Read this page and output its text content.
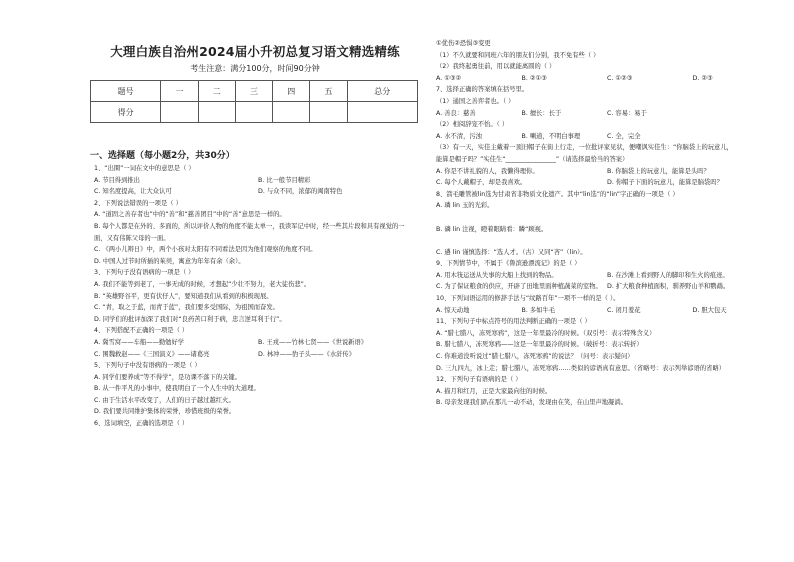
大理白族自治州2024届小升初总复习语文精选精练
考生注意：满分100分，时间90分钟
题号	一	二	三	四	五	总分
得分						
一、选择题（每小题2分，共30分）
1、“出圈”一词在文中的意思是（ ）
A. 节目得到推出	B. 比一般节目精彩
C. 知名度提高，让大众认可	D. 与众不同，浓郁的闽南特色
2、下列说法错误的一项是（ ）
A. “道固之善存者也”中的“善”和“慈善团目”中的“善”意思是一样的。
B. 每个人都是在外的、多面的，所以评价人物的角度不能太单一，我读军记中时，经一些其片段和具有视觉的一
面，又有伟陈父母的一面。
C. 《两小儿辩日》中，两个小孩对太阳有不同看法是因为他们观察的角度不同。
D. 中国人过节时所插的茱萸，寓意为年年有余（余）。
3、下列句子没有语病的一项是（ ）
A. 我们不能等到老了，一事无成的时候，才想起“少壮不努力，老大徒伤悲”。
B. “英雄野谷平，更有伏仔人”，要知道我们从看到的积极现展。
C. “青，取之于蓝，而青于蓝”，我们要多受国际，为祖国而奋发。
D. 同学们的批评加深了我们对“良药苦口利于病，忠言逆耳利于行”。
4、下列搭配不正确的一项是（ ）
A. 冀雪窝——车船——勤勉好学	B. 王戎——竹林七贤——《世说新语》
C. 围魏救赵——《三国演义》——诸葛亮	D. 林冲——豹子头——《水浒传》
5、下列句子中没有语病的一项是（ ）
A. 同学们要养成“等不得学”，是功课不落下的关键。
B. 从一件平凡的小事中，使我明白了一个人生中的大道理。
C. 由于生活水平改变了，人们的日子越过越红火。
D. 我们要共同维护集体的荣誉，珍惜班级的荣誉。
6、选词填空，正确的选项是（ ）
①优伤②恐惧③变更
（1）不久就要和同班六年的朋友们分别，我不免有些（ ）
（2）我终起勇往前，用以就能离圆的（ ）
A. ①③②	B. ②①③	C. ①②③	D. ②③
7、选择正确的答案填在括号里。
（1）通国之善弈者也。（ ）
A. 善良：慈善	B. 擅长：长于	C. 容易：易于
（2）相阅辞宠不怡。（ ）
A. 水不清，污浊	B. 喇道，不明白事理	C. 全，完全
（3）有一天，实佳主戴着一顶旧帽子在街上行走，一位批评家见状，便嘲讽实佳生：“你脑袋上的玩意儿，
能算是帽子吗？”实佳生“________________”（请选择最恰当的答案）
A. 你是不讲礼貌的人，我懒得理你。	B. 你脑袋上的玩意儿，能算是头吗？
C. 每个人戴帽子，却是我喜欢。	D. 你帽子下面的玩意儿，能算是脑袋吗？
8、箭毛雕管被lin选为甘肃省非物质文化遗产。其中“lin选”的“lin”字正确的一项是（ ）
A. 璘 lin 玉的光彩。
B. 磷 lin 注视，瞪着眼睛看：瞵“顾视。
C. 遴 lin 谨慎选择：“选人才。（古）又同“吝”（lin）。
9、下列情节中，不属于《鲁滨逊漂流记》的是（ ）
A. 用木筏运送从失事的大船上找到的物品。	B. 在沙滩上看到野人的脚印和生火的痕迹。
C. 为了保证粮食的供应，开辟了田地里面种植蔬菜的室物。 D. 扩大粮食种植面积，驯养野山羊和鹦鹉。
10、下列词语运用的修辞手法与“纹路百年”一项不一样的是（ ）。
A. 惊天动地	B. 多如牛毛	C. 闭月羞花	D. 胆大包天
11、下列句子中标点符号的用法判断正确的一项是（ ）
A. “腊七腊八，冻死寒鸦”，这是一年里最冷的时候。（双引号：表示特殊含义）
B. 腊七腊八，冻死寒鸦——这是一年里最冷的时候。（破折号：表示转折）
C. 你难道没听说过“腊七腊八，冻死寒鸦”的说法？（问号：表示疑问）
D. 三九四九，冰上走；腊七腊八，冻死寒鸦……类似的谚语真有意思。（省略号：表示列举谚语的省略）
12、下列句子有语病的是（ ）
A. 描月和红月，正是大家最向往的时候。
B. 母亲发现我们趴在那儿一动不动，发现由在笑，在山里声地凝淌。
